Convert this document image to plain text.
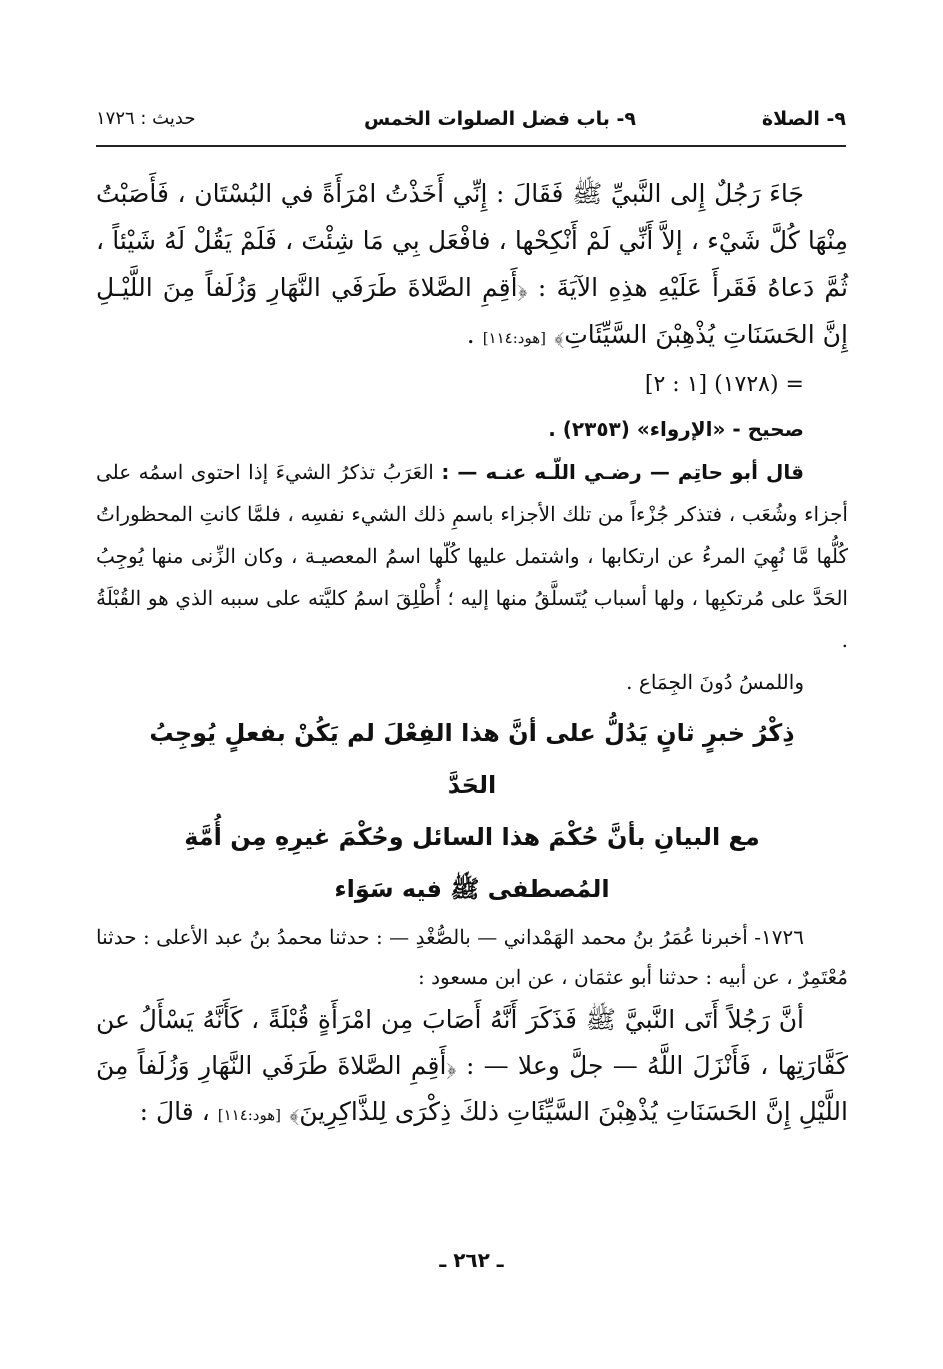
٩- الصلاة
٩- باب فضل الصلوات الخمس
حديث : ١٧٢٦

جَاءَ رَجُلٌ إِلى النَّبيِّ ﷺ فَقَالَ : إِنِّي أَخَذْتُ امْرَأَةً في البُسْتَان ، فَأَصَبْتُ مِنْهَا كُلَّ شَيْء ، إلاَّ أَنِّي لَمْ أَنْكِحْها ، فافْعَل بِي مَا شِئْتَ ، فَلَمْ يَقُلْ لَهُ شَيْئاً ، ثُمَّ دَعاهُ فَقَرأَ عَلَيْهِ هذِهِ الآيَةَ : ﴿أَقِمِ الصَّلاةَ طَرَفَي النَّهَارِ وَزُلَفاً مِنَ اللَّيْـلِ إِنَّ الحَسَنَاتِ يُذْهِبْنَ السَّيِّئَاتِ﴾ [هود:١١٤] .

= (١٧٢٨) [١ : ٢]

صحيح - «الإرواء» (٢٣٥٣) .

قال أبو حاتِم — رضـي اللّـه عنـه — : العَرَبُ تذكرُ الشيءَ إذا احتوى اسمُه على أجزاء وشُعَب ، فتذكر جُزْءاً من تلك الأجزاء باسمِ ذلك الشيء نفسِه ، فلمَّا كانتِ المحظوراتُ كُلُّها مَّا نُهِيَ المرءُ عن ارتكابها ، واشتمل عليها كُلّها اسمُ المعصيـة ، وكان الزِّنى منها يُوجِبُ الحَدَّ على مُرتكبِها ، ولها أسباب يُتَسلَّقُ منها إليه ؛ أُطْلِقَ اسمُ كليَّته على سببه الذي هو القُبْلَةُ .

واللمسُ دُونَ الجِمَاع .

ذِكْرُ خبرٍ ثانٍ يَدُلُّ على أنَّ هذا الفِعْلَ لم يَكُنْ بفعلٍ يُوجِبُ الحَدَّ
مع البيانِ بأنَّ حُكْمَ هذا السائل وحُكْمَ غيرِهِ مِن أُمَّةِ
المُصطفى ﷺ فيه سَوَاء

١٧٢٦- أخبرنا عُمَرُ بنُ محمد الهَمْداني — بالصُّغْدِ — : حدثنا محمدُ بنُ عبد الأعلى : حدثنا مُعْتَمِرٌ ، عن أبيه : حدثنا أبو عثمَان ، عن ابن مسعود :

أنَّ رَجُلاً أَتَى النَّبيَّ ﷺ فَذَكَرَ أَنَّهُ أَصَابَ مِن امْرَأَةٍ قُبْلَةً ، كَأَنَّهُ يَسْأَلُ عن كَفَّارَتِها ، فَأَنْزَلَ اللَّهُ — جلَّ وعلا — : ﴿أَقِمِ الصَّلاةَ طَرَفَي النَّهَارِ وَزُلَفاً مِنَ اللَّيْلِ إِنَّ الحَسَنَاتِ يُذْهِبْنَ السَّيِّئَاتِ ذلكَ ذِكْرَى لِلذَّاكِرِينَ﴾ [هود:١١٤] ، قالَ :

ـ ٢٦٢ ـ
